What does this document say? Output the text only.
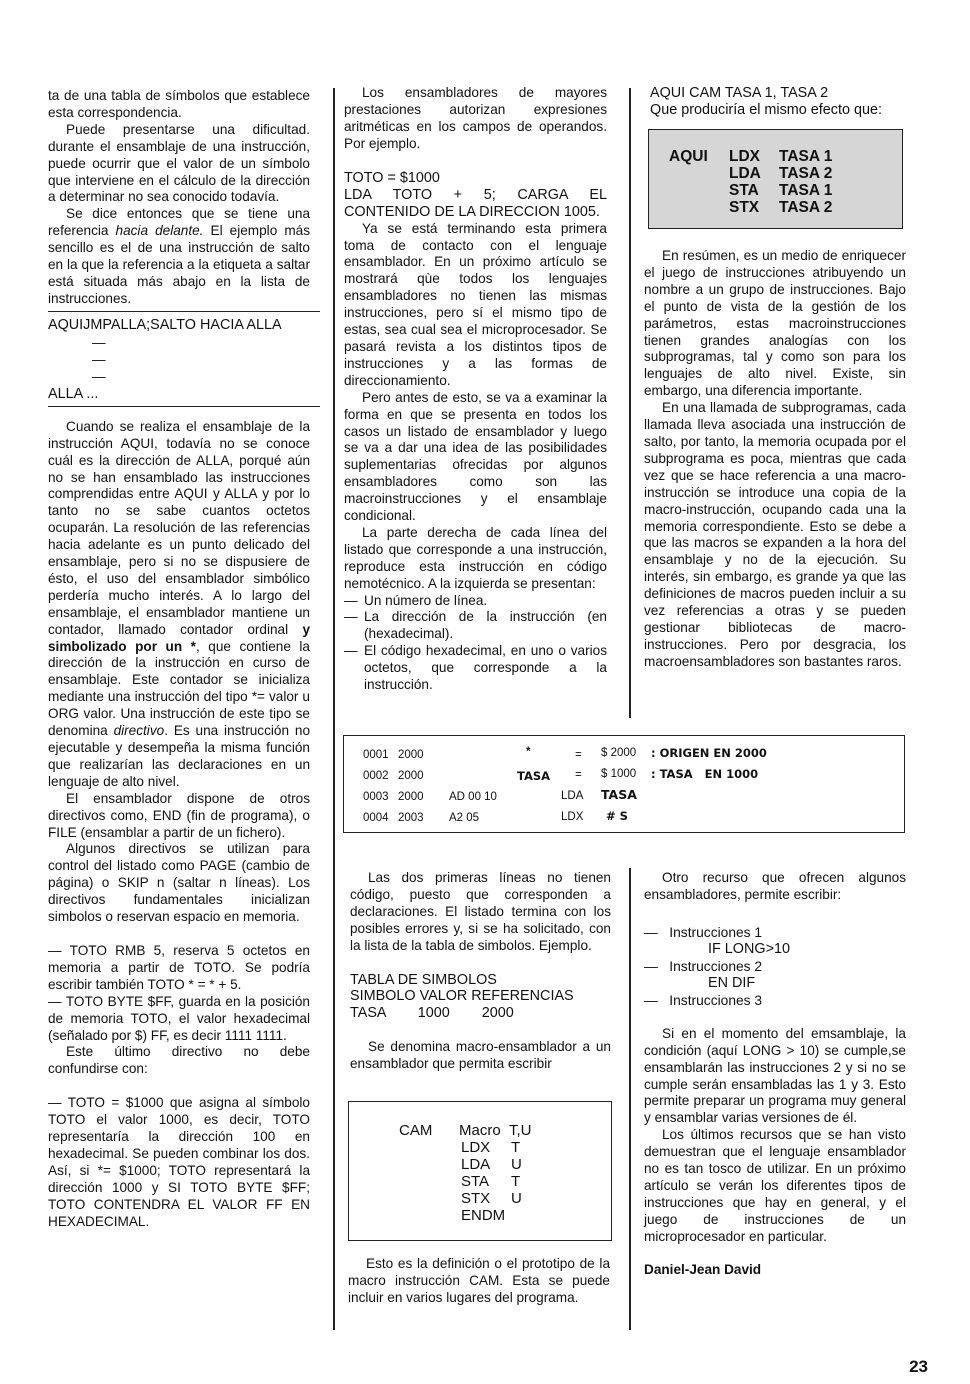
ta de una tabla de símbolos que establece esta correspondencia.

Puede presentarse una dificultad. durante el ensamblaje de una instrucción, puede ocurrir que el valor de un símbolo que interviene en el cálculo de la dirección a determinar no sea conocido todavía.

Se dice entonces que se tiene una referencia hacia delante. El ejemplo más sencillo es el de una instrucción de salto en la que la referencia a la etiqueta a saltar está situada más abajo en la lista de instrucciones.

AQUIJMPALLA;SALTO HACIA ALLA
—
—
—
ALLA ...

Cuando se realiza el ensamblaje de la instrucción AQUI, todavía no se conoce cuál es la dirección de ALLA, porqué aún no se han ensamblado las instrucciones comprendidas entre AQUI y ALLA y por lo tanto no se sabe cuantos octetos ocuparán. La resolución de las referencias hacia adelante es un punto delicado del ensamblaje, pero si no se dispusiere de ésto, el uso del ensamblador simbólico perdería mucho interés. A lo largo del ensamblaje, el ensamblador mantiene un contador, llamado contador ordinal y simbolizado por un *, que contiene la dirección de la instrucción en curso de ensamblaje. Este contador se inicializa mediante una instrucción del tipo *= valor u ORG valor. Una instrucción de este tipo se denomina directivo. Es una instrucción no ejecutable y desempeña la misma función que realizarían las declaraciones en un lenguaje de alto nivel.

El ensamblador dispone de otros directivos como, END (fin de programa), o FILE (ensamblar a partir de un fichero).

Algunos directivos se utilizan para control del listado como PAGE (cambio de página) o SKIP n (saltar n líneas). Los directivos fundamentales inicializan simbolos o reservan espacio en memoria.

— TOTO RMB 5, reserva 5 octetos en memoria a partir de TOTO. Se podría escribir también TOTO * = * + 5.

— TOTO BYTE $FF, guarda en la posición de memoria TOTO, el valor hexadecimal (señalado por $) FF, es decir 1111 1111.

Este último directivo no debe confundirse con:

— TOTO = $1000 que asigna al símbolo TOTO el valor 1000, es decir, TOTO representaría la dirección 100 en hexadecimal. Se pueden combinar los dos. Así, si *= $1000; TOTO representará la dirección 1000 y SI TOTO BYTE $FF; TOTO CONTENDRA EL VALOR FF EN HEXADECIMAL.

Los ensambladores de mayores prestaciones autorizan expresiones aritméticas en los campos de operandos. Por ejemplo.

TOTO = $1000

LDA TOTO + 5; CARGA EL CONTENIDO DE LA DIRECCION 1005.

Ya se está terminando esta primera toma de contacto con el lenguaje ensamblador. En un próximo artículo se mostrará qùe todos los lenguajes ensambladores no tienen las mismas instrucciones, pero sí el mismo tipo de estas, sea cual sea el microprocesador. Se pasará revista a los distintos tipos de instrucciones y a las formas de direccionamiento.

Pero antes de esto, se va a examinar la forma en que se presenta en todos los casos un listado de ensamblador y luego se va a dar una idea de las posibilidades suplementarias ofrecidas por algunos ensambladores como son las macroinstrucciones y el ensamblaje condicional.

La parte derecha de cada línea del listado que corresponde a una instrucción, reproduce esta instrucción en código nemotécnico. A la izquierda se presentan:

— Un número de línea.
— La dirección de la instrucción (en (hexadecimal).
— El código hexadecimal, en uno o varios octetos, que corresponde a la instrucción.
AQUI CAM TASA 1, TASA 2
Que produciría el mismo efecto que:
AQUI LDX TASA 1
LDA TASA 2
STA TASA 1
STX TASA 2

En resúmen, es un medio de enriquecer el juego de instrucciones atribuyendo un nombre a un grupo de instrucciones. Bajo el punto de vista de la gestión de los parámetros, estas macroinstrucciones tienen grandes analogías con los subprogramas, tal y como son para los lenguajes de alto nivel. Existe, sin embargo, una diferencia importante.

En una llamada de subprogramas, cada llamada lleva asociada una instrucción de salto, por tanto, la memoria ocupada por el subprograma es poca, mientras que cada vez que se hace referencia a una macro-instrucción se introduce una copia de la macro-instrucción, ocupando cada una la memoria correspondiente. Esto se debe a que las macros se expanden a la hora del ensamblaje y no de la ejecución. Su interés, sin embargo, es grande ya que las definiciones de macros pueden incluir a su vez referencias a otras y se pueden gestionar bibliotecas de macro-instrucciones. Pero por desgracia, los macroensambladores son bastantes raros.

0001 2000	*	= $ 2000 : ORIGEN EN 2000
0002 2000	TASA = $ 1000 : TASA   EN 1000
0003 2000 AD 00 10	LDA TASA
0004 2003 A2 05	LDX # S

Las dos primeras líneas no tienen código, puesto que corresponden a declaraciones. El listado termina con los posibles errores y, si se ha solicitado, con la lista de la tabla de simbolos. Ejemplo.

TABLA DE SIMBOLOS

SIMBOLO VALOR REFERENCIAS

TASA        1000        2000

Se denomina macro-ensamblador a un ensamblador que permita escribir

CAM Macro T,U
LDX T
LDA U
STA T
STX U
ENDM

Esto es la definición o el prototipo de la macro instrucción CAM. Esta se puede incluir en varios lugares del programa.

Otro recurso que ofrecen algunos ensambladores, permite escribir:

—   Instrucciones 1
IF LONG>10
—   Instrucciones 2
EN DIF
—   Instrucciones 3

Si en el momento del emsamblaje, la condición (aquí LONG > 10) se cumple,se ensamblarán las instrucciones 2 y si no se cumple serán ensambladas las 1 y 3. Esto permite preparar un programa muy general y ensamblar varias versiones de él.

Los últimos recursos que se han visto demuestran que el lenguaje ensamblador no es tan tosco de utilizar. En un próximo artículo se verán los diferentes tipos de instrucciones que hay en general, y el juego de instrucciones de un microprocesador en particular.

Daniel-Jean David

23
